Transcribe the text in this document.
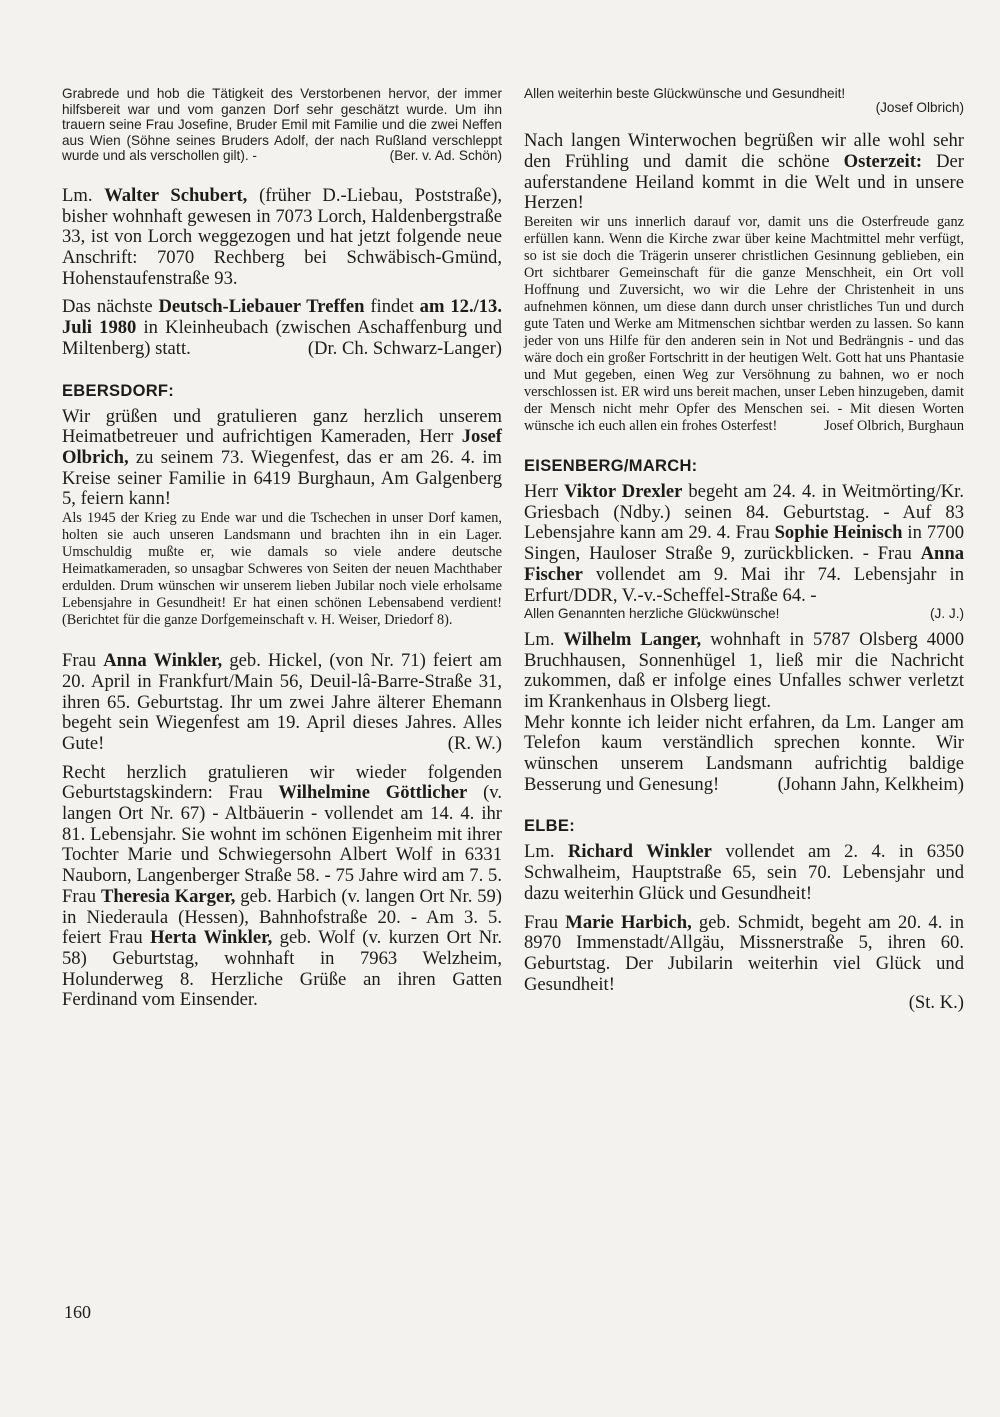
Grabrede und hob die Tätigkeit des Verstorbenen hervor, der immer hilfsbereit war und vom ganzen Dorf sehr geschätzt wurde. Um ihn trauern seine Frau Josefine, Bruder Emil mit Familie und die zwei Neffen aus Wien (Söhne seines Bruders Adolf, der nach Rußland verschleppt wurde und als verschollen gilt). -	(Ber. v. Ad. Schön)

Lm. Walter Schubert, (früher D.-Liebau, Poststraße), bisher wohnhaft gewesen in 7073 Lorch, Haldenbergstraße 33, ist von Lorch weggezogen und hat jetzt folgende neue Anschrift: 7070 Rechberg bei Schwäbisch-Gmünd, Hohenstaufenstraße 93.

Das nächste Deutsch-Liebauer Treffen findet am 12./13. Juli 1980 in Kleinheubach (zwischen Aschaffenburg und Miltenberg) statt.	(Dr. Ch. Schwarz-Langer)

EBERSDORF:

Wir grüßen und gratulieren ganz herzlich unserem Heimatbetreuer und aufrichtigen Kameraden, Herr Josef Olbrich, zu seinem 73. Wiegenfest, das er am 26. 4. im Kreise seiner Familie in 6419 Burghaun, Am Galgenberg 5, feiern kann!

Als 1945 der Krieg zu Ende war und die Tschechen in unser Dorf kamen, holten sie auch unseren Landsmann und brachten ihn in ein Lager. Umschuldig mußte er, wie damals so viele andere deutsche Heimatkameraden, so unsagbar Schweres von Seiten der neuen Machthaber erdulden. Drum wünschen wir unserem lieben Jubilar noch viele erholsame Lebensjahre in Gesundheit! Er hat einen schönen Lebensabend verdient! (Berichtet für die ganze Dorfgemeinschaft v. H. Weiser, Driedorf 8).

Frau Anna Winkler, geb. Hickel, (von Nr. 71) feiert am 20. April in Frankfurt/Main 56, Deuil-lâ-Barre-Straße 31, ihren 65. Geburtstag. Ihr um zwei Jahre älterer Ehemann begeht sein Wiegenfest am 19. April dieses Jahres. Alles Gute!	(R. W.)

Recht herzlich gratulieren wir wieder folgenden Geburtstagskindern: Frau Wilhelmine Göttlicher (v. langen Ort Nr. 67) - Altbäuerin - vollendet am 14. 4. ihr 81. Lebensjahr. Sie wohnt im schönen Eigenheim mit ihrer Tochter Marie und Schwiegersohn Albert Wolf in 6331 Nauborn, Langenberger Straße 58. - 75 Jahre wird am 7. 5. Frau Theresia Karger, geb. Harbich (v. langen Ort Nr. 59) in Niederaula (Hessen), Bahnhofstraße 20. - Am 3. 5. feiert Frau Herta Winkler, geb. Wolf (v. kurzen Ort Nr. 58) Geburtstag, wohnhaft in 7963 Welzheim, Holunderweg 8. Herzliche Grüße an ihren Gatten Ferdinand vom Einsender.

Allen weiterhin beste Glückwünsche und Gesundheit!
(Josef Olbrich)

Nach langen Winterwochen begrüßen wir alle wohl sehr den Frühling und damit die schöne Osterzeit: Der auferstandene Heiland kommt in die Welt und in unsere Herzen!

Bereiten wir uns innerlich darauf vor, damit uns die Osterfreude ganz erfüllen kann. Wenn die Kirche zwar über keine Machtmittel mehr verfügt, so ist sie doch die Trägerin unserer christlichen Gesinnung geblieben, ein Ort sichtbarer Gemeinschaft für die ganze Menschheit, ein Ort voll Hoffnung und Zuversicht, wo wir die Lehre der Christenheit in uns aufnehmen können, um diese dann durch unser christliches Tun und durch gute Taten und Werke am Mitmenschen sichtbar werden zu lassen. So kann jeder von uns Hilfe für den anderen sein in Not und Bedrängnis - und das wäre doch ein großer Fortschritt in der heutigen Welt. Gott hat uns Phantasie und Mut gegeben, einen Weg zur Versöhnung zu bahnen, wo er noch verschlossen ist. ER wird uns bereit machen, unser Leben hinzugeben, damit der Mensch nicht mehr Opfer des Menschen sei. - Mit diesen Worten wünsche ich euch allen ein frohes Osterfest!	Josef Olbrich, Burghaun

EISENBERG/MARCH:

Herr Viktor Drexler begeht am 24. 4. in Weitmörting/Kr. Griesbach (Ndby.) seinen 84. Geburtstag. - Auf 83 Lebensjahre kann am 29. 4. Frau Sophie Heinisch in 7700 Singen, Hauloser Straße 9, zurückblicken. - Frau Anna Fischer vollendet am 9. Mai ihr 74. Lebensjahr in Erfurt/DDR, V.-v.-Scheffel-Straße 64. -

Allen Genannten herzliche Glückwünsche!	(J. J.)

Lm. Wilhelm Langer, wohnhaft in 5787 Olsberg 4000 Bruchhausen, Sonnenhügel 1, ließ mir die Nachricht zukommen, daß er infolge eines Unfalles schwer verletzt im Krankenhaus in Olsberg liegt.

Mehr konnte ich leider nicht erfahren, da Lm. Langer am Telefon kaum verständlich sprechen konnte. Wir wünschen unserem Landsmann aufrichtig baldige Besserung und Genesung!	(Johann Jahn, Kelkheim)

ELBE:

Lm. Richard Winkler vollendet am 2. 4. in 6350 Schwalheim, Hauptstraße 65, sein 70. Lebensjahr und dazu weiterhin Glück und Gesundheit!

Frau Marie Harbich, geb. Schmidt, begeht am 20. 4. in 8970 Immenstadt/Allgäu, Missnerstraße 5, ihren 60. Geburtstag. Der Jubilarin weiterhin viel Glück und Gesundheit!
(St. K.)

160
